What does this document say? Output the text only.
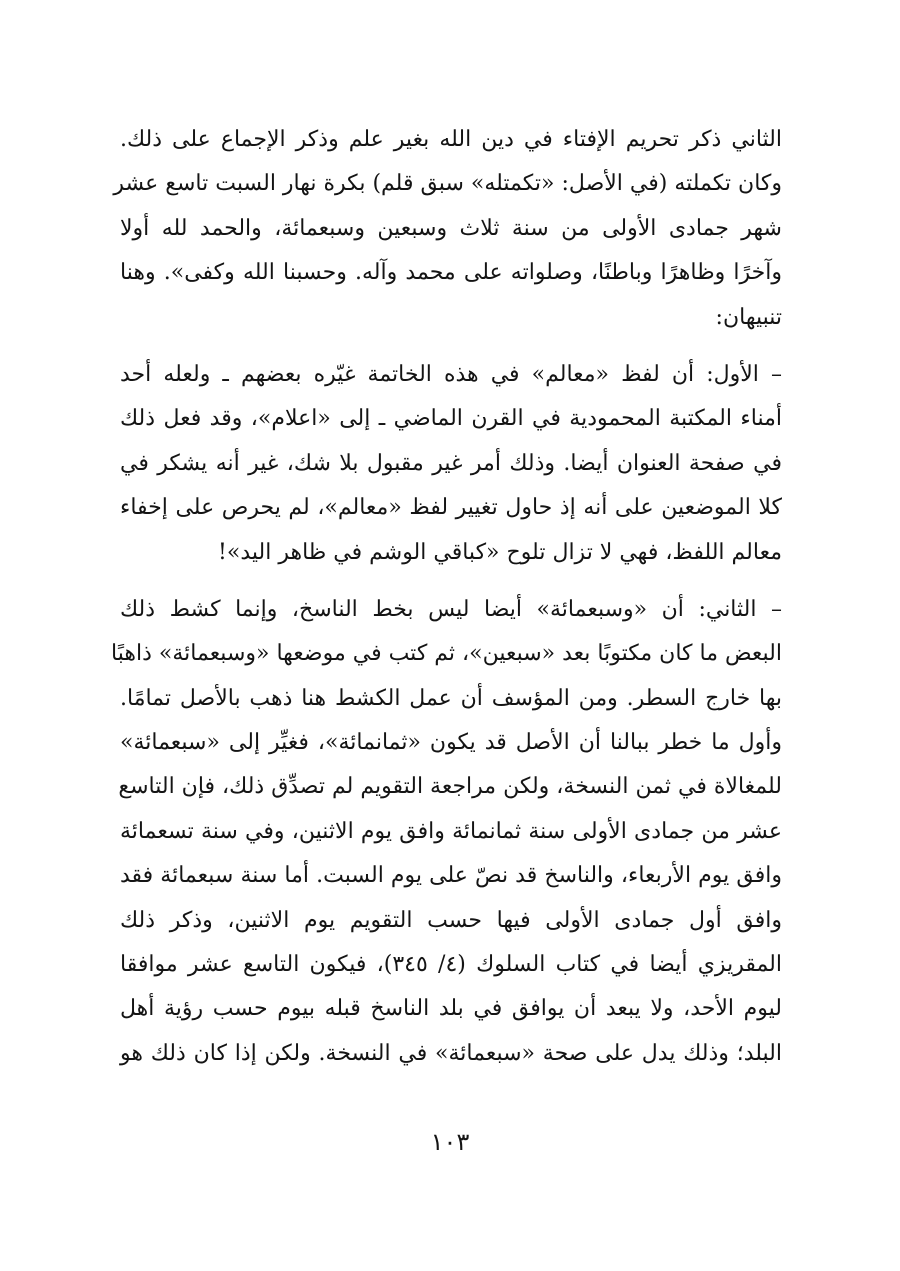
الثاني ذكر تحريم الإفتاء في دين الله بغير علم وذكر الإجماع على ذلك.
وكان تكملته (في الأصل: «تكمتله» سبق قلم) بكرة نهار السبت تاسع عشر
شهر جمادى الأولى من سنة ثلاث وسبعين وسبعمائة، والحمد لله أولا
وآخرًا وظاهرًا وباطنًا، وصلواته على محمد وآله. وحسبنا الله وكفى». وهنا
تنبيهان:
– الأول: أن لفظ «معالم» في هذه الخاتمة غيّره بعضهم ـ ولعله أحد
أمناء المكتبة المحمودية في القرن الماضي ـ إلى «اعلام»، وقد فعل ذلك
في صفحة العنوان أيضا. وذلك أمر غير مقبول بلا شك، غير أنه يشكر في
كلا الموضعين على أنه إذ حاول تغيير لفظ «معالم»، لم يحرص على إخفاء
معالم اللفظ، فهي لا تزال تلوح «كباقي الوشم في ظاهر اليد»!
– الثاني: أن «وسبعمائة» أيضا ليس بخط الناسخ، وإنما كشط ذلك
البعض ما كان مكتوبًا بعد «سبعين»، ثم كتب في موضعها «وسبعمائة» ذاهبًا
بها خارج السطر. ومن المؤسف أن عمل الكشط هنا ذهب بالأصل تمامًا.
وأول ما خطر ببالنا أن الأصل قد يكون «ثمانمائة»، فغيِّر إلى «سبعمائة»
للمغالاة في ثمن النسخة، ولكن مراجعة التقويم لم تصدِّق ذلك، فإن التاسع
عشر من جمادى الأولى سنة ثمانمائة وافق يوم الاثنين، وفي سنة تسعمائة
وافق يوم الأربعاء، والناسخ قد نصّ على يوم السبت. أما سنة سبعمائة فقد
وافق أول جمادى الأولى فيها حسب التقويم يوم الاثنين، وذكر ذلك
المقريزي أيضا في كتاب السلوك (٤/ ٣٤٥)، فيكون التاسع عشر موافقا
ليوم الأحد، ولا يبعد أن يوافق في بلد الناسخ قبله بيوم حسب رؤية أهل
البلد؛ وذلك يدل على صحة «سبعمائة» في النسخة. ولكن إذا كان ذلك هو
١٠٣
